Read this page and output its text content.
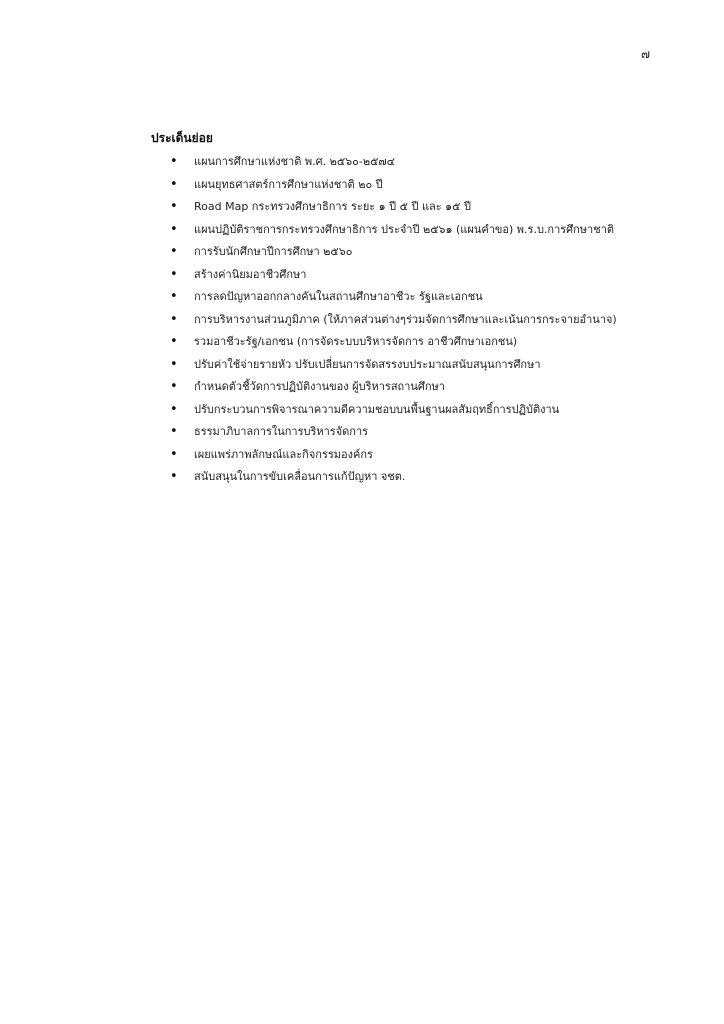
๗
ประเด็นย่อย
•	แผนการศึกษาแห่งชาติ พ.ศ. ๒๕๖๐-๒๕๗๔
•	แผนยุทธศาสตร์การศึกษาแห่งชาติ ๒๐ ปี
•	Road Map กระทรวงศึกษาธิการ ระยะ ๑ ปี ๕ ปี และ ๑๕ ปี
•	แผนปฏิบัติราชการกระทรวงศึกษาธิการ ประจำปี ๒๕๖๑ (แผนคำขอ) พ.ร.บ.การศึกษาชาติ
•	การรับนักศึกษาปีการศึกษา ๒๕๖๐
•	สร้างค่านิยมอาชีวศึกษา
•	การลดปัญหาออกกลางคันในสถานศึกษาอาชีวะ รัฐและเอกชน
•	การบริหารงานส่วนภูมิภาค (ให้ภาคส่วนต่างๆร่วมจัดการศึกษาและเน้นการกระจายอำนาจ)
•	รวมอาชีวะรัฐ/เอกชน (การจัดระบบบริหารจัดการ อาชีวศึกษาเอกชน)
•	ปรับค่าใช้จ่ายรายหัว ปรับเปลี่ยนการจัดสรรงบประมาณสนับสนุนการศึกษา
•	กำหนดตัวชี้วัดการปฏิบัติงานของ ผู้บริหารสถานศึกษา
•	ปรับกระบวนการพิจารณาความดีความชอบบนพื้นฐานผลสัมฤทธิ์การปฏิบัติงาน
•	ธรรมาภิบาลการในการบริหารจัดการ
•	เผยแพร่ภาพลักษณ์และกิจกรรมองค์กร
•	สนับสนุนในการขับเคลื่อนการแก้ปัญหา จชต.
